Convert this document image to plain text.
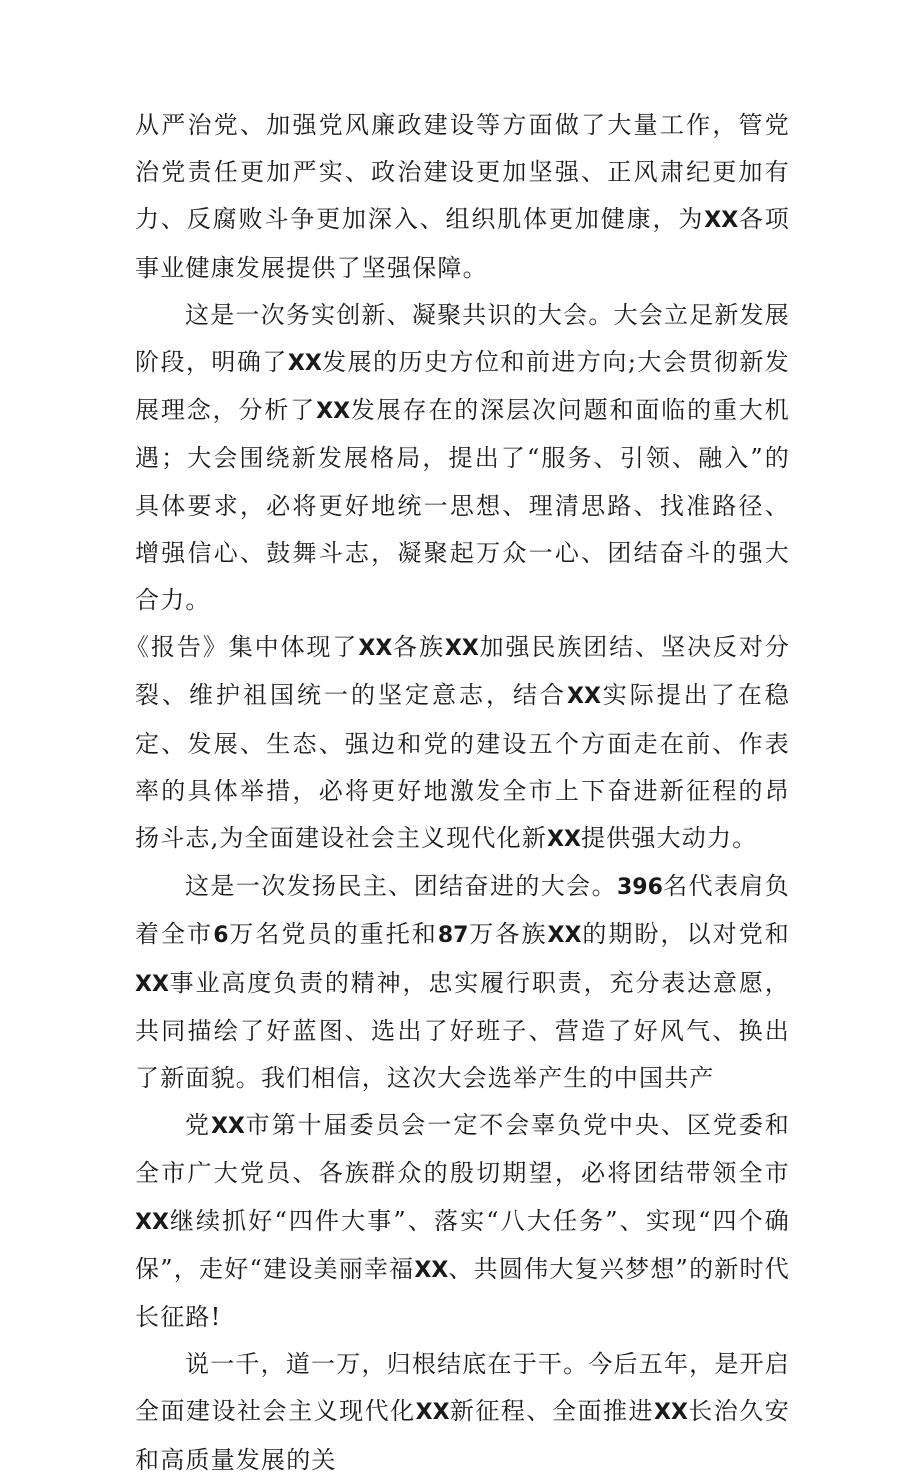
从严治党、加强党风廉政建设等方面做了大量工作，管党治党责任更加严实、政治建设更加坚强、正风肃纪更加有力、反腐败斗争更加深入、组织肌体更加健康，为XX各项事业健康发展提供了坚强保障。

这是一次务实创新、凝聚共识的大会。大会立足新发展阶段，明确了XX发展的历史方位和前进方向;大会贯彻新发展理念，分析了XX发展存在的深层次问题和面临的重大机遇；大会围绕新发展格局，提出了“服务、引领、融入”的具体要求，必将更好地统一思想、理清思路、找准路径、增强信心、鼓舞斗志，凝聚起万众一心、团结奋斗的强大合力。

《报告》集中体现了XX各族XX加强民族团结、坚决反对分裂、维护祖国统一的坚定意志，结合XX实际提出了在稳定、发展、生态、强边和党的建设五个方面走在前、作表率的具体举措，必将更好地激发全市上下奋进新征程的昂扬斗志,为全面建设社会主义现代化新XX提供强大动力。

这是一次发扬民主、团结奋进的大会。396名代表肩负着全市6万名党员的重托和87万各族XX的期盼，以对党和XX事业高度负责的精神，忠实履行职责，充分表达意愿，共同描绘了好蓝图、选出了好班子、营造了好风气、换出了新面貌。我们相信，这次大会选举产生的中国共产

党XX市第十届委员会一定不会辜负党中央、区党委和全市广大党员、各族群众的殷切期望，必将团结带领全市XX继续抓好“四件大事”、落实“八大任务”、实现“四个确保”，走好“建设美丽幸福XX、共圆伟大复兴梦想”的新时代长征路!

说一千，道一万，归根结底在于干。今后五年，是开启全面建设社会主义现代化XX新征程、全面推进XX长治久安和高质量发展的关
